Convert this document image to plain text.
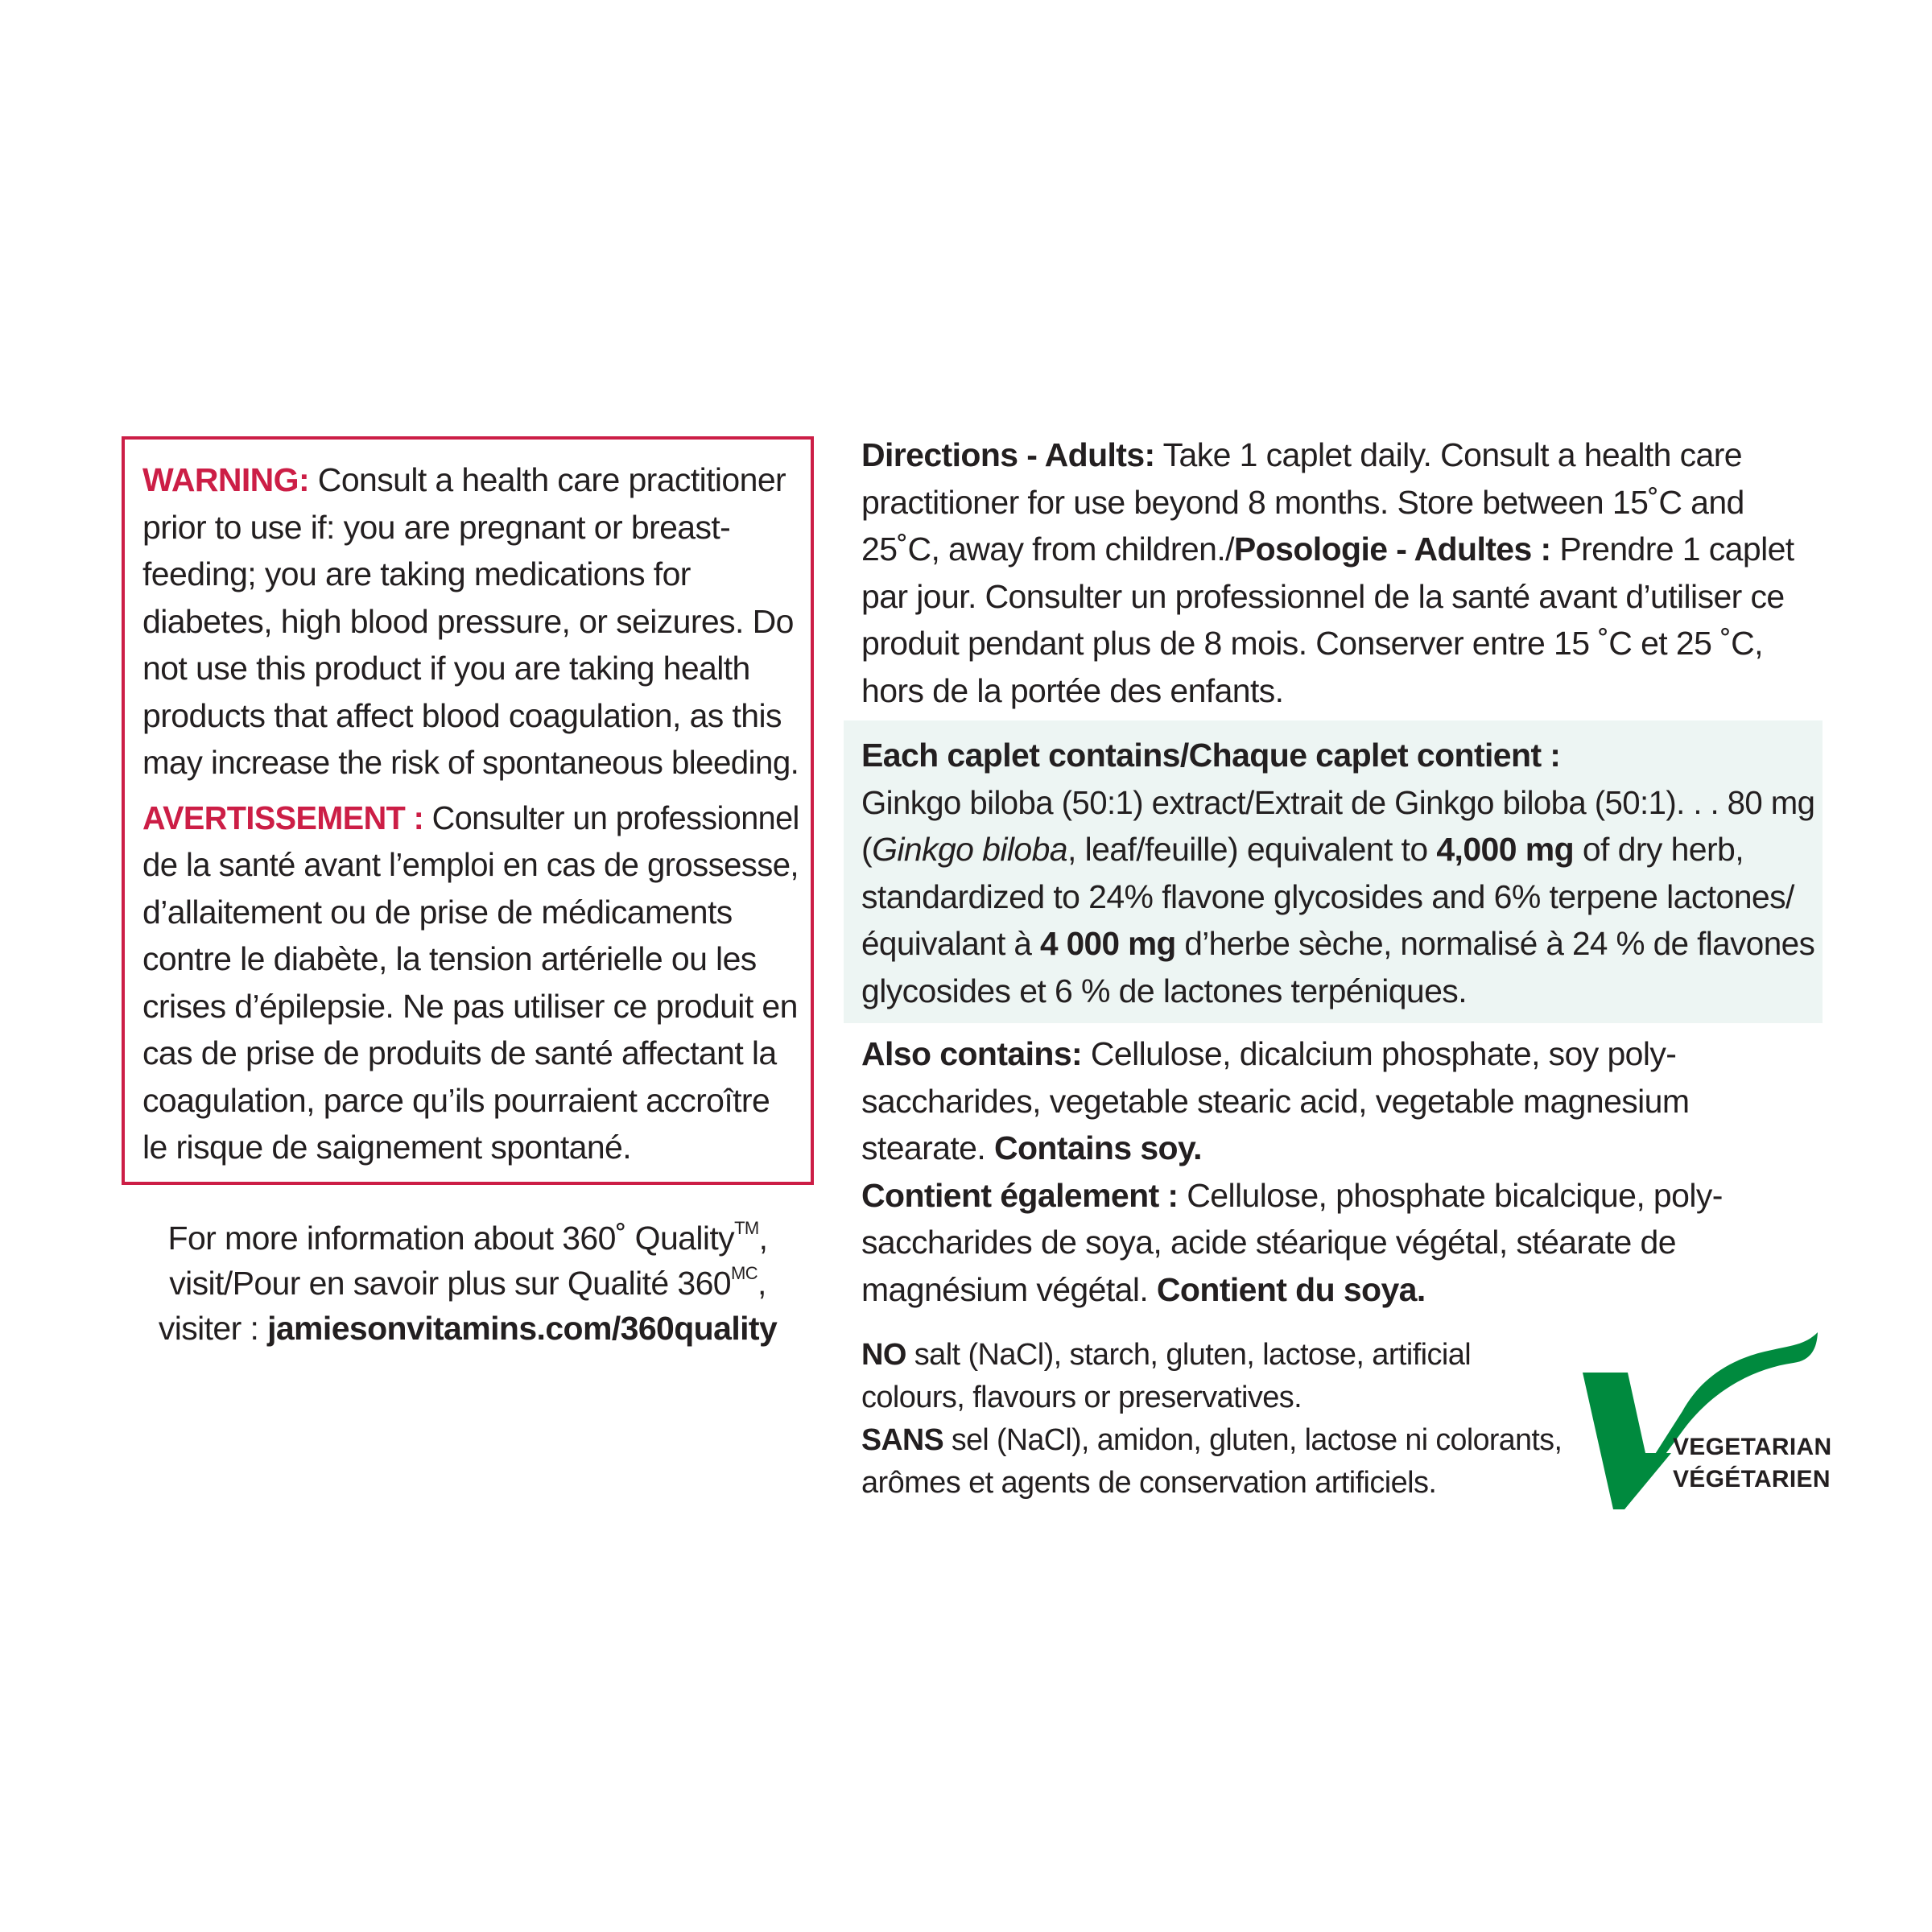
WARNING: Consult a health care practitioner
prior to use if: you are pregnant or breast-
feeding; you are taking medications for
diabetes, high blood pressure, or seizures. Do
not use this product if you are taking health
products that affect blood coagulation, as this
may increase the risk of spontaneous bleeding.
AVERTISSEMENT : Consulter un professionnel
de la santé avant l’emploi en cas de grossesse,
d’allaitement ou de prise de médicaments
contre le diabète, la tension artérielle ou les
crises d’épilepsie. Ne pas utiliser ce produit en
cas de prise de produits de santé affectant la
coagulation, parce qu’ils pourraient accroître
le risque de saignement spontané.
For more information about 360˚ Quality™,
visit/Pour en savoir plus sur Qualité $360^{MC}$,
visiter : jamiesonvitamins.com/360quality
Directions - Adults: Take 1 caplet daily. Consult a health care
practitioner for use beyond 8 months. Store between 15˚C and
25˚C, away from children./Posologie - Adultes : Prendre 1 caplet
par jour. Consulter un professionnel de la santé avant d’utiliser ce
produit pendant plus de 8 mois. Conserver entre 15 ˚C et 25 ˚C,
hors de la portée des enfants.
Each caplet contains/Chaque caplet contient :
Ginkgo biloba (50:1) extract/Extrait de Ginkgo biloba (50:1). . . 80 mg
(Ginkgo biloba, leaf/feuille) equivalent to 4,000 mg of dry herb,
standardized to 24% flavone glycosides and 6% terpene lactones/
équivalant à 4 000 mg d’herbe sèche, normalisé à 24 % de flavones
glycosides et 6 % de lactones terpéniques.
Also contains: Cellulose, dicalcium phosphate, soy poly-
saccharides, vegetable stearic acid, vegetable magnesium
stearate. Contains soy.
Contient également : Cellulose, phosphate bicalcique, poly-
saccharides de soya, acide stéarique végétal, stéarate de
magnésium végétal. Contient du soya.
NO salt (NaCl), starch, gluten, lactose, artificial
colours, flavours or preservatives.
SANS sel (NaCl), amidon, gluten, lactose ni colorants,
arômes et agents de conservation artificiels.
VEGETARIAN
VÉGÉTARIEN
